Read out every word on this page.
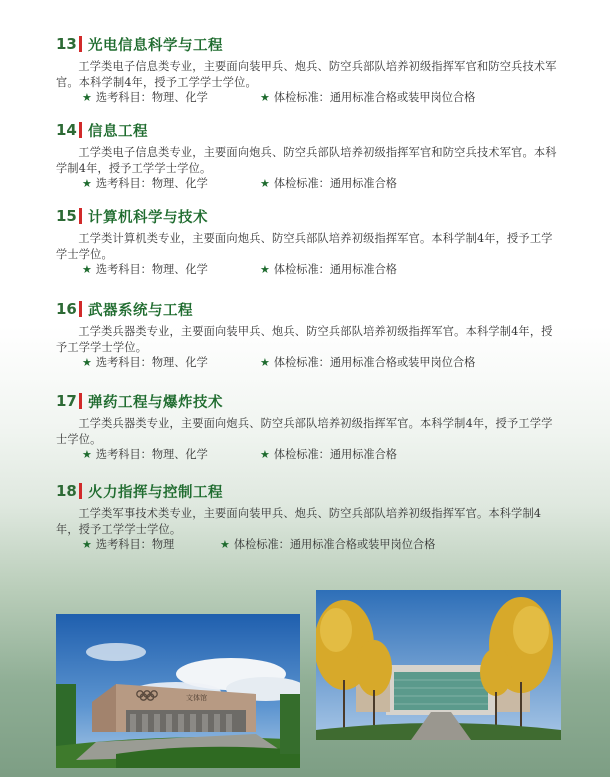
13 光电信息科学与工程
工学类电子信息类专业，主要面向装甲兵、炮兵、防空兵部队培养初级指挥军官和防空兵技术军官。本科学制4年，授予工学学士学位。
★ 选考科目：物理、化学	★ 体检标准：通用标准合格或装甲岗位合格
14 信息工程
工学类电子信息类专业，主要面向炮兵、防空兵部队培养初级指挥军官和防空兵技术军官。本科学制4年，授予工学学士学位。
★ 选考科目：物理、化学	★ 体检标准：通用标准合格
15 计算机科学与技术
工学类计算机类专业，主要面向炮兵、防空兵部队培养初级指挥军官。本科学制4年，授予工学学士学位。
★ 选考科目：物理、化学	★ 体检标准：通用标准合格
16 武器系统与工程
工学类兵器类专业，主要面向装甲兵、炮兵、防空兵部队培养初级指挥军官。本科学制4年，授予工学学士学位。
★ 选考科目：物理、化学	★ 体检标准：通用标准合格或装甲岗位合格
17 弹药工程与爆炸技术
工学类兵器类专业，主要面向炮兵、防空兵部队培养初级指挥军官。本科学制4年，授予工学学士学位。
★ 选考科目：物理、化学	★ 体检标准：通用标准合格
18 火力指挥与控制工程
工学类军事技术类专业，主要面向装甲兵、炮兵、防空兵部队培养初级指挥军官。本科学制4年，授予工学学士学位。
★ 选考科目：物理	★ 体检标准：通用标准合格或装甲岗位合格
文体馆
